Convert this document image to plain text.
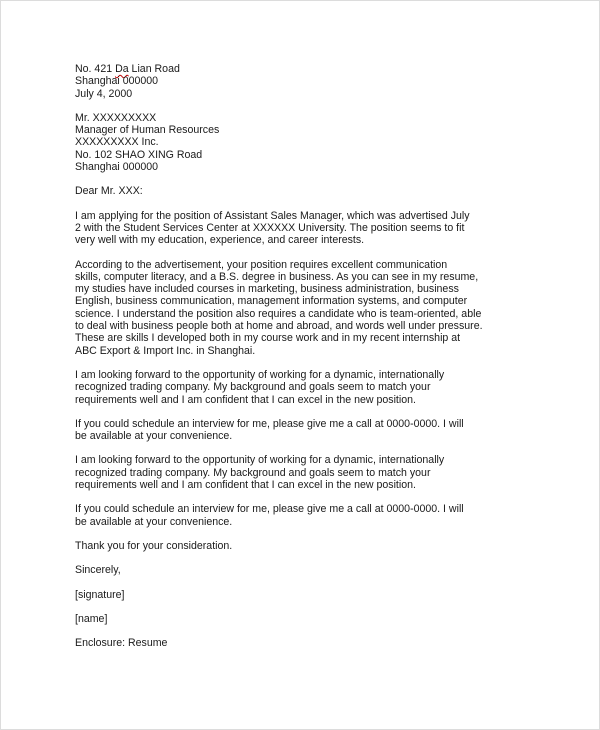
No. 421 Da Lian Road
Shanghai 000000
July 4, 2000
Mr. XXXXXXXXX
Manager of Human Resources
XXXXXXXXX Inc.
No. 102 SHAO XING Road
Shanghai 000000
Dear Mr. XXX:
I am applying for the position of Assistant Sales Manager, which was advertised July
2 with the Student Services Center at XXXXXX University. The position seems to fit
very well with my education, experience, and career interests.
According to the advertisement, your position requires excellent communication
skills, computer literacy, and a B.S. degree in business. As you can see in my resume,
my studies have included courses in marketing, business administration, business
English, business communication, management information systems, and computer
science. I understand the position also requires a candidate who is team-oriented, able
to deal with business people both at home and abroad, and words well under pressure.
These are skills I developed both in my course work and in my recent internship at
ABC Export & Import Inc. in Shanghai.
I am looking forward to the opportunity of working for a dynamic, internationally
recognized trading company. My background and goals seem to match your
requirements well and I am confident that I can excel in the new position.
If you could schedule an interview for me, please give me a call at 0000-0000. I will
be available at your convenience.
I am looking forward to the opportunity of working for a dynamic, internationally
recognized trading company. My background and goals seem to match your
requirements well and I am confident that I can excel in the new position.
If you could schedule an interview for me, please give me a call at 0000-0000. I will
be available at your convenience.
Thank you for your consideration.
Sincerely,
[signature]
[name]
Enclosure: Resume
